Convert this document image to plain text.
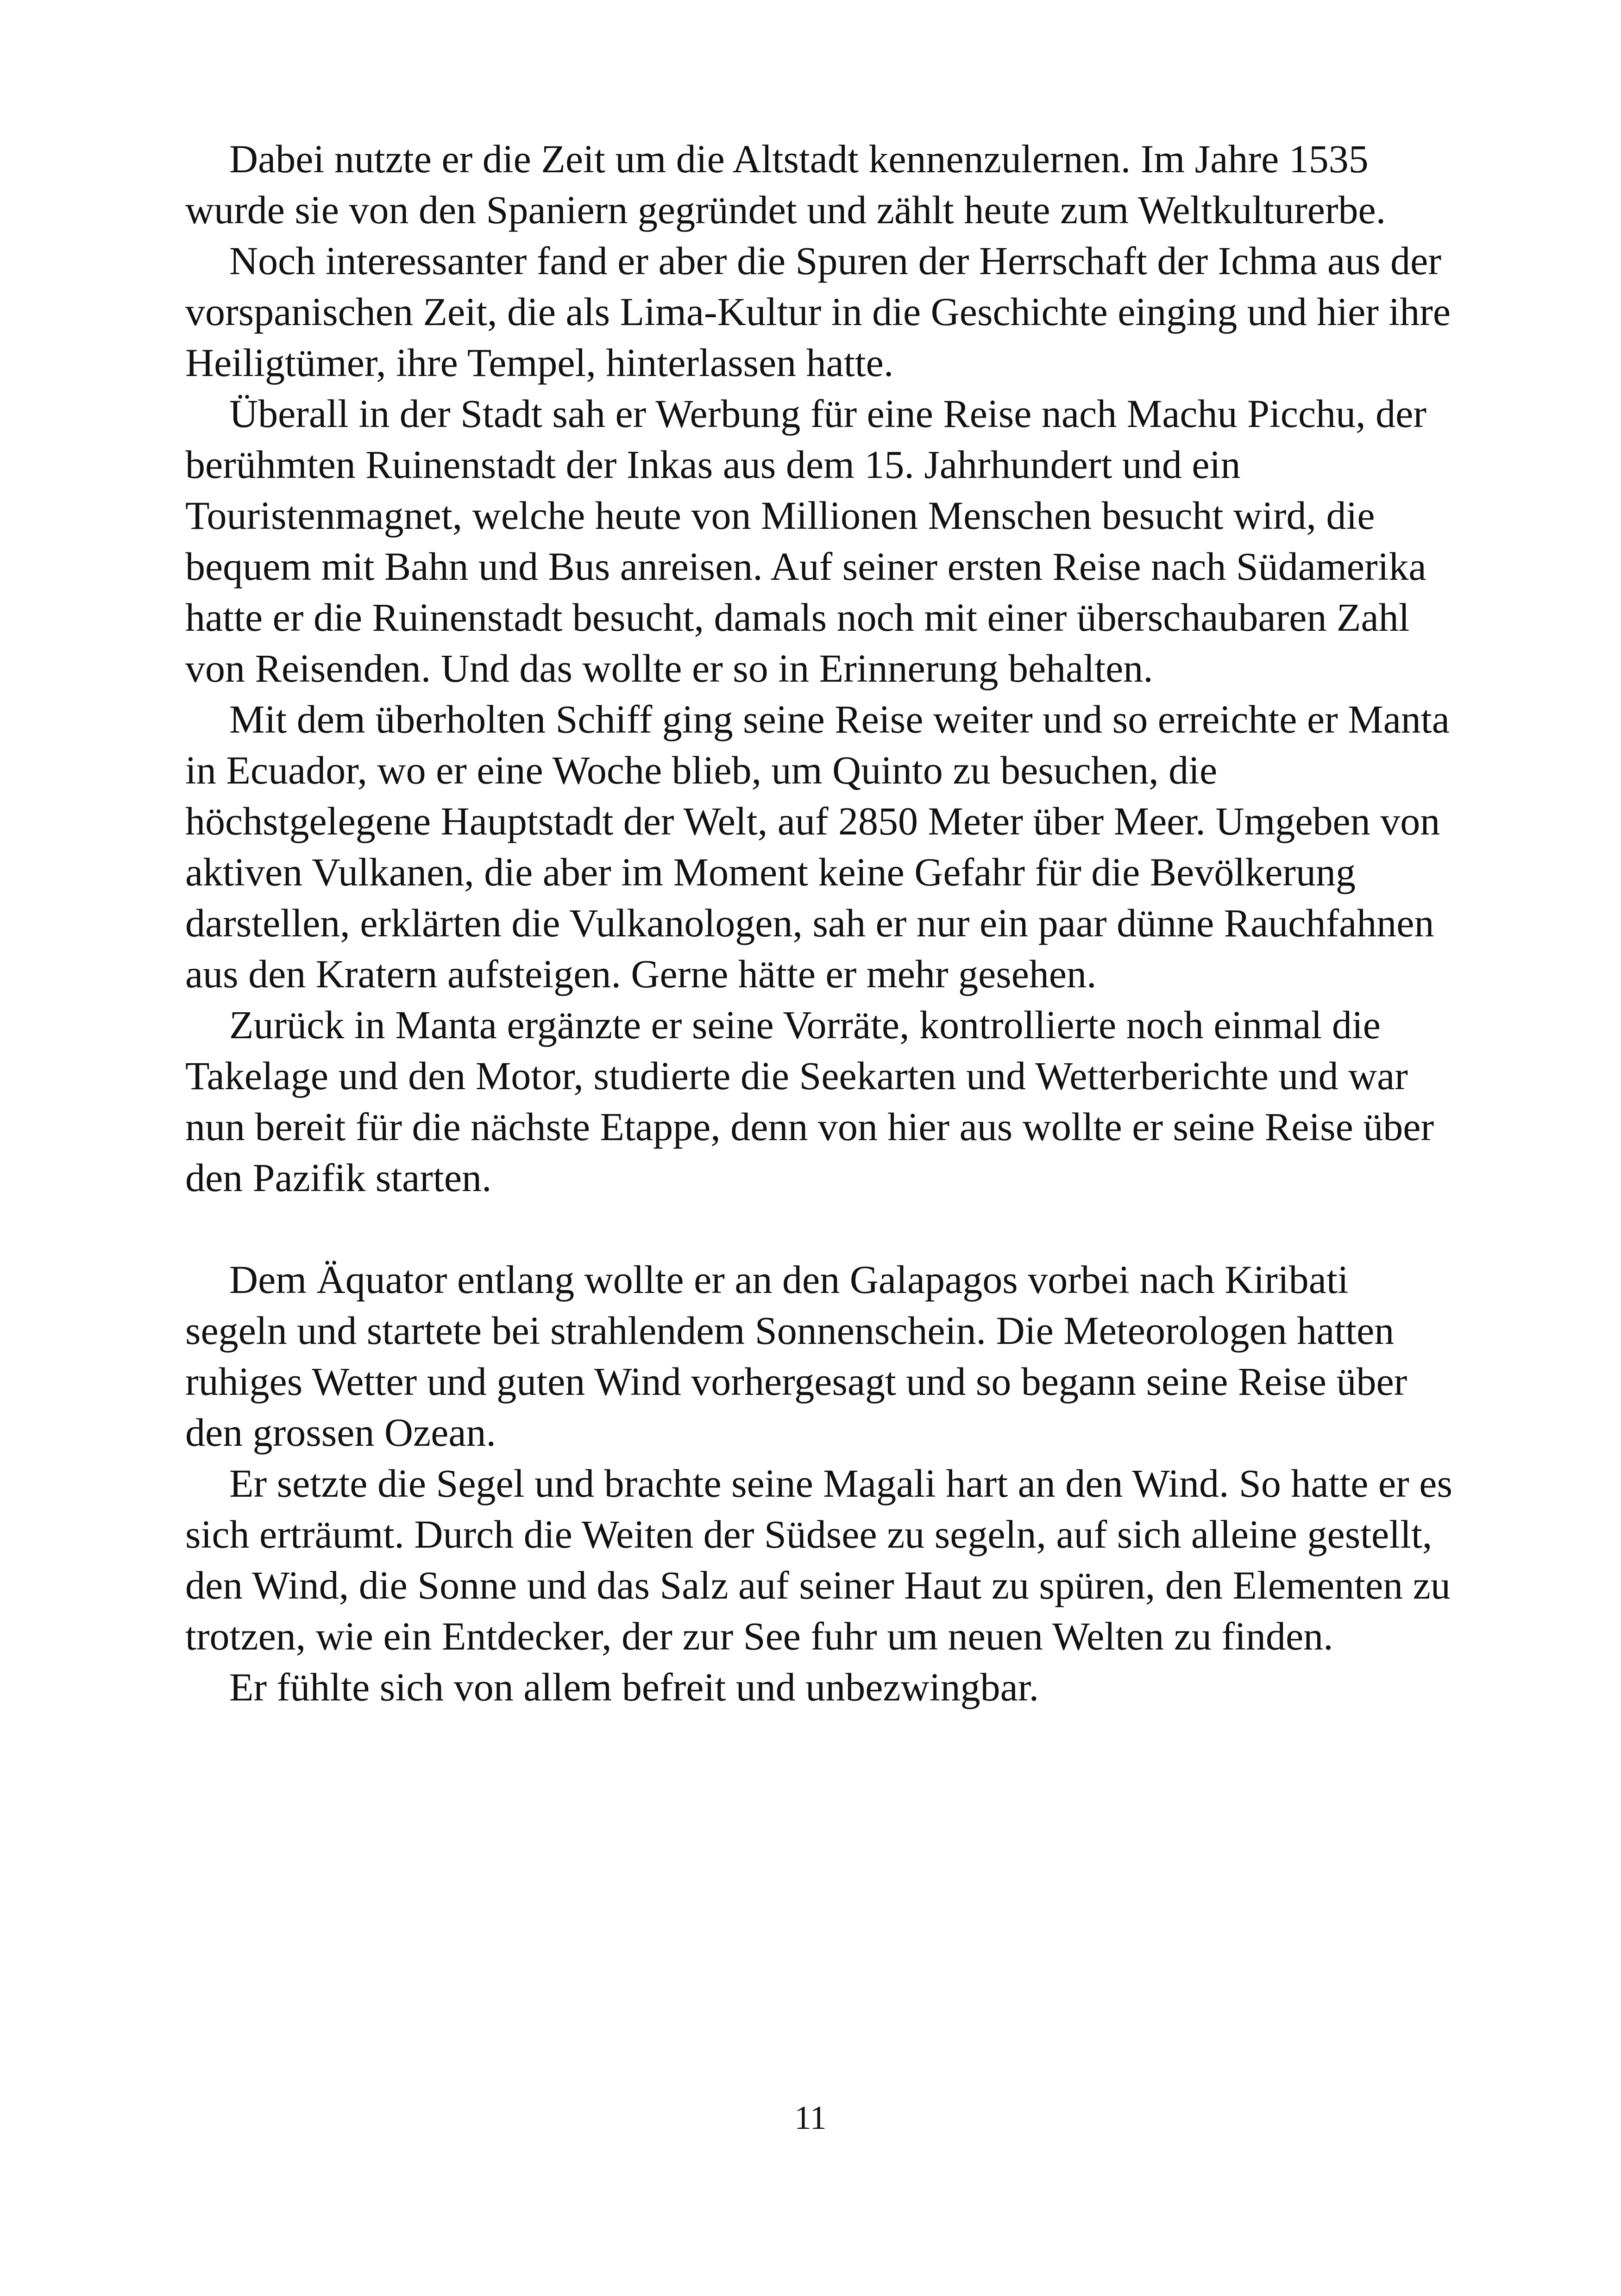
Dabei nutzte er die Zeit um die Altstadt kennenzulernen. Im Jahre 1535 wurde sie von den Spaniern gegründet und zählt heute zum Weltkulturerbe.

Noch interessanter fand er aber die Spuren der Herrschaft der Ichma aus der vorspanischen Zeit, die als Lima-Kultur in die Geschichte einging und hier ihre Heiligtümer, ihre Tempel, hinterlassen hatte.

Überall in der Stadt sah er Werbung für eine Reise nach Machu Picchu, der berühmten Ruinenstadt der Inkas aus dem 15. Jahrhundert und ein Touristenmagnet, welche heute von Millionen Menschen besucht wird, die bequem mit Bahn und Bus anreisen. Auf seiner ersten Reise nach Südamerika hatte er die Ruinenstadt besucht, damals noch mit einer überschaubaren Zahl von Reisenden. Und das wollte er so in Erinnerung behalten.

Mit dem überholten Schiff ging seine Reise weiter und so erreichte er Manta in Ecuador, wo er eine Woche blieb, um Quinto zu besuchen, die höchstgelegene Hauptstadt der Welt, auf 2850 Meter über Meer. Umgeben von aktiven Vulkanen, die aber im Moment keine Gefahr für die Bevölkerung darstellen, erklärten die Vulkanologen, sah er nur ein paar dünne Rauchfahnen aus den Kratern aufsteigen. Gerne hätte er mehr gesehen.

Zurück in Manta ergänzte er seine Vorräte, kontrollierte noch einmal die Takelage und den Motor, studierte die Seekarten und Wetterberichte und war nun bereit für die nächste Etappe, denn von hier aus wollte er seine Reise über den Pazifik starten.

Dem Äquator entlang wollte er an den Galapagos vorbei nach Kiribati segeln und startete bei strahlendem Sonnenschein. Die Meteorologen hatten ruhiges Wetter und guten Wind vorhergesagt und so begann seine Reise über den grossen Ozean.

Er setzte die Segel und brachte seine Magali hart an den Wind. So hatte er es sich erträumt. Durch die Weiten der Südsee zu segeln, auf sich alleine gestellt, den Wind, die Sonne und das Salz auf seiner Haut zu spüren, den Elementen zu trotzen, wie ein Entdecker, der zur See fuhr um neuen Welten zu finden.

Er fühlte sich von allem befreit und unbezwingbar.

11
